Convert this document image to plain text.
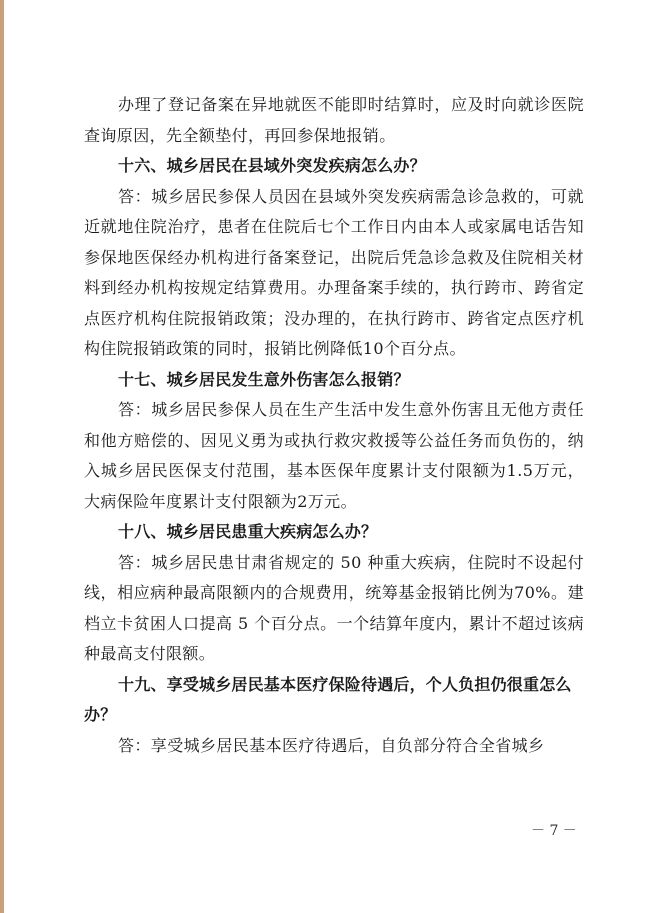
办理了登记备案在异地就医不能即时结算时，应及时向就诊医院查询原因，先全额垫付，再回参保地报销。

十六、城乡居民在县域外突发疾病怎么办？

答：城乡居民参保人员因在县域外突发疾病需急诊急救的，可就近就地住院治疗，患者在住院后七个工作日内由本人或家属电话告知参保地医保经办机构进行备案登记，出院后凭急诊急救及住院相关材料到经办机构按规定结算费用。办理备案手续的，执行跨市、跨省定点医疗机构住院报销政策；没办理的，在执行跨市、跨省定点医疗机构住院报销政策的同时，报销比例降低10个百分点。

十七、城乡居民发生意外伤害怎么报销？

答：城乡居民参保人员在生产生活中发生意外伤害且无他方责任和他方赔偿的、因见义勇为或执行救灾救援等公益任务而负伤的，纳入城乡居民医保支付范围，基本医保年度累计支付限额为1.5万元，大病保险年度累计支付限额为2万元。

十八、城乡居民患重大疾病怎么办？

答：城乡居民患甘肃省规定的 50 种重大疾病，住院时不设起付线，相应病种最高限额内的合规费用，统筹基金报销比例为70%。建档立卡贫困人口提高 5 个百分点。一个结算年度内，累计不超过该病种最高支付限额。

十九、享受城乡居民基本医疗保险待遇后，个人负担仍很重怎么办？

答：享受城乡居民基本医疗待遇后，自负部分符合全省城乡

－ 7 －
